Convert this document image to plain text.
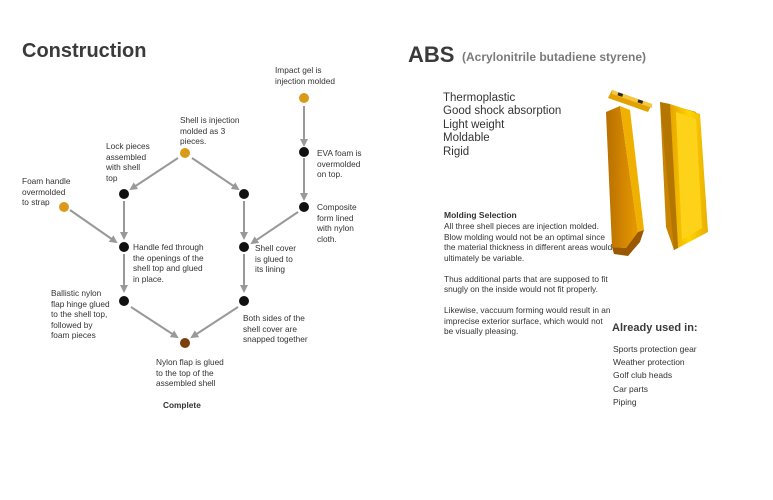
Construction	ABS (Acrylonitrile butadiene styrene)
Impact gel is
injection molded
Shell is injection
molded as 3
pieces.
Lock pieces
assembled
with shell
top
Foam handle
overmolded
to strap
EVA foam is
overmolded
on top.
Composite
form lined
with nylon
cloth.
Handle fed through
the openings of the
shell top and glued
in place.
Shell cover
is glued to
its lining
Ballistic nylon
flap hinge glued
to the shell top,
followed by
foam pieces
Both sides of the
shell cover are
snapped together
Nylon flap is glued
to the top of the
assembled shell
Complete
Thermoplastic
Good shock absorption
Light weight
Moldable
Rigid
Molding Selection

All three shell pieces are injection molded. Blow molding would not be an optimal since the material thickness in different areas would ultimately be variable.

Thus additional parts that are supposed to fit snugly on the inside would not fit properly.

Likewise, vaccuum forming would result in an imprecise exterior surface, which would not be visually pleasing.	Already used in:
Sports protection gear
Weather protection
Golf club heads
Car parts
Piping
